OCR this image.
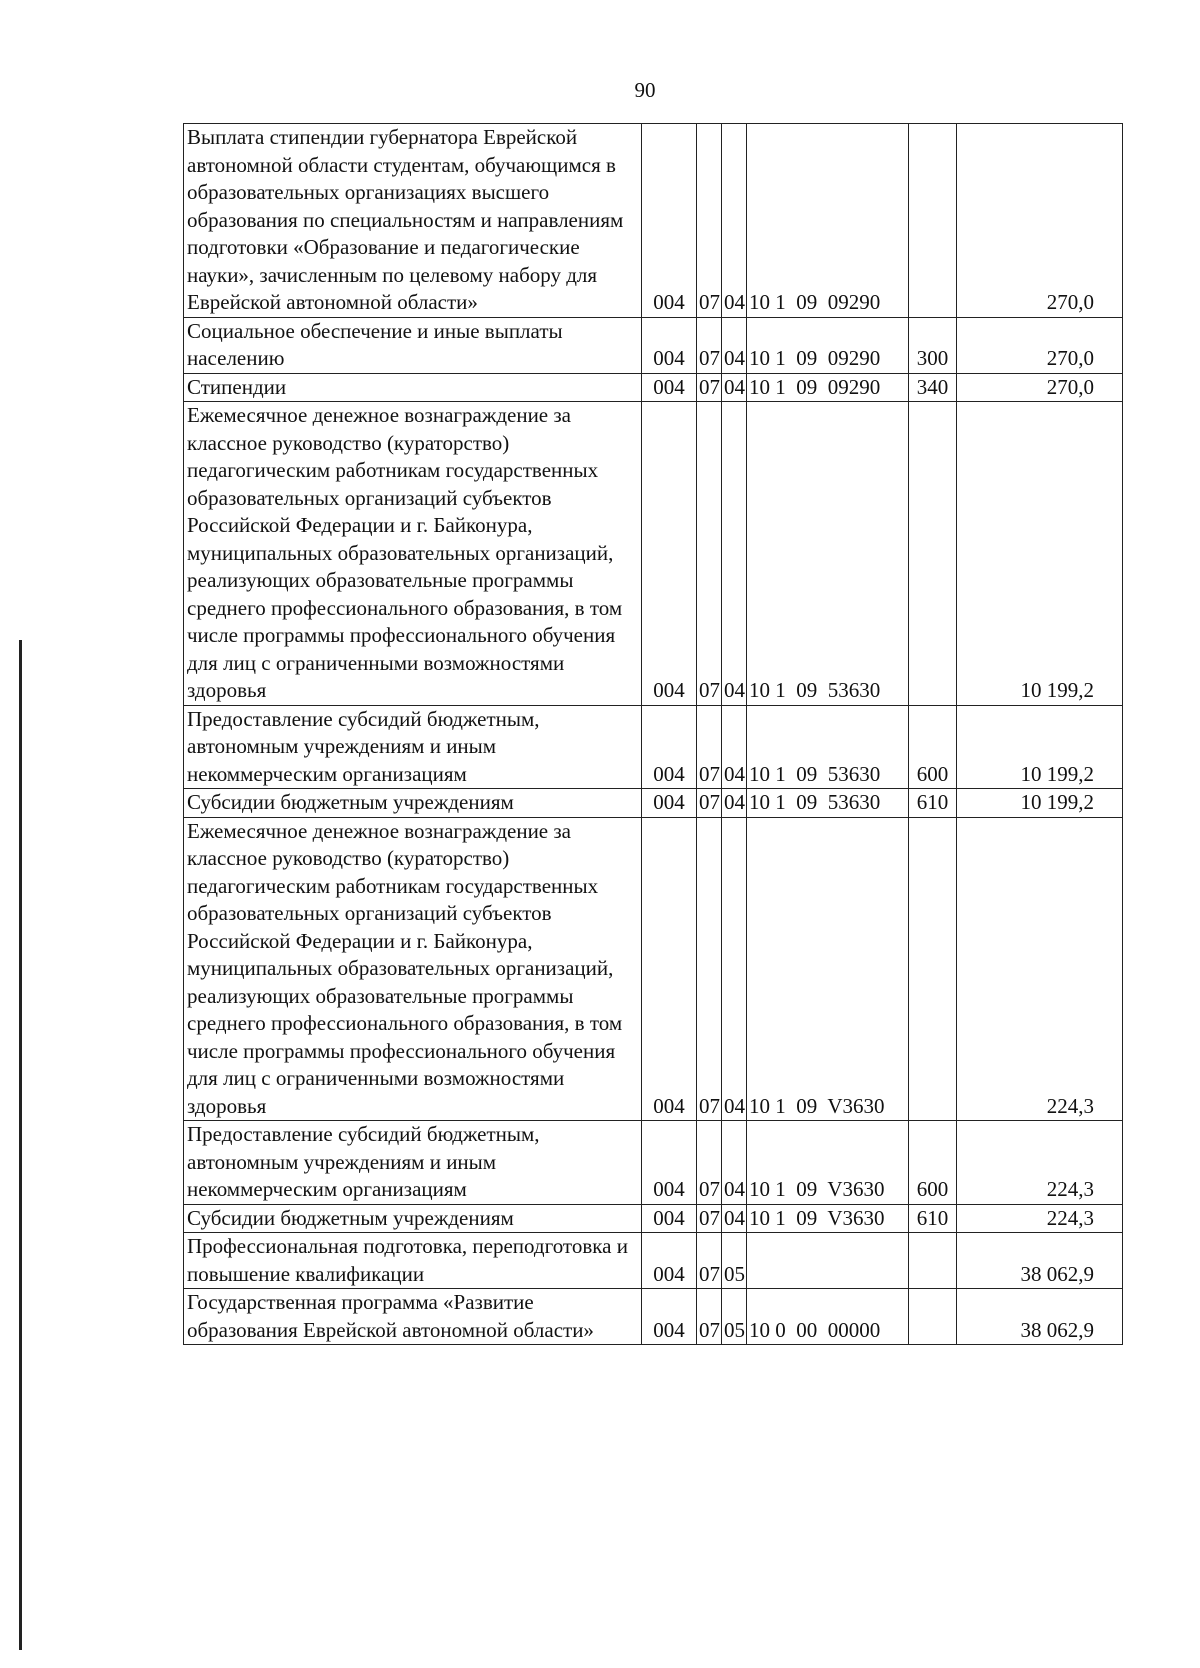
90
Выплата стипендии губернатора Еврейской автономной области студентам, обучающимся в образовательных организациях высшего образования по специальностям и направлениям подготовки «Образование и педагогические науки», зачисленным по целевому набору для Еврейской автономной области»	004	07	04	10 1  09  09290		270,0
Социальное обеспечение и иные выплаты населению	004	07	04	10 1  09  09290	300	270,0
Стипендии	004	07	04	10 1  09  09290	340	270,0
Ежемесячное денежное вознаграждение за классное руководство (кураторство) педагогическим работникам государственных образовательных организаций субъектов Российской Федерации и г. Байконура, муниципальных образовательных организаций, реализующих образовательные программы среднего профессионального образования, в том числе программы профессионального обучения для лиц с ограниченными возможностями здоровья	004	07	04	10 1  09  53630		10 199,2
Предоставление субсидий бюджетным, автономным учреждениям и иным некоммерческим организациям	004	07	04	10 1  09  53630	600	10 199,2
Субсидии бюджетным учреждениям	004	07	04	10 1  09  53630	610	10 199,2
Ежемесячное денежное вознаграждение за классное руководство (кураторство) педагогическим работникам государственных образовательных организаций субъектов Российской Федерации и г. Байконура, муниципальных образовательных организаций, реализующих образовательные программы среднего профессионального образования, в том числе программы профессионального обучения для лиц с ограниченными возможностями здоровья	004	07	04	10 1  09  V3630		224,3
Предоставление субсидий бюджетным, автономным учреждениям и иным некоммерческим организациям	004	07	04	10 1  09  V3630	600	224,3
Субсидии бюджетным учреждениям	004	07	04	10 1  09  V3630	610	224,3
Профессиональная подготовка, переподготовка и повышение квалификации	004	07	05			38 062,9
Государственная программа «Развитие образования Еврейской автономной области»	004	07	05	10 0  00  00000		38 062,9
